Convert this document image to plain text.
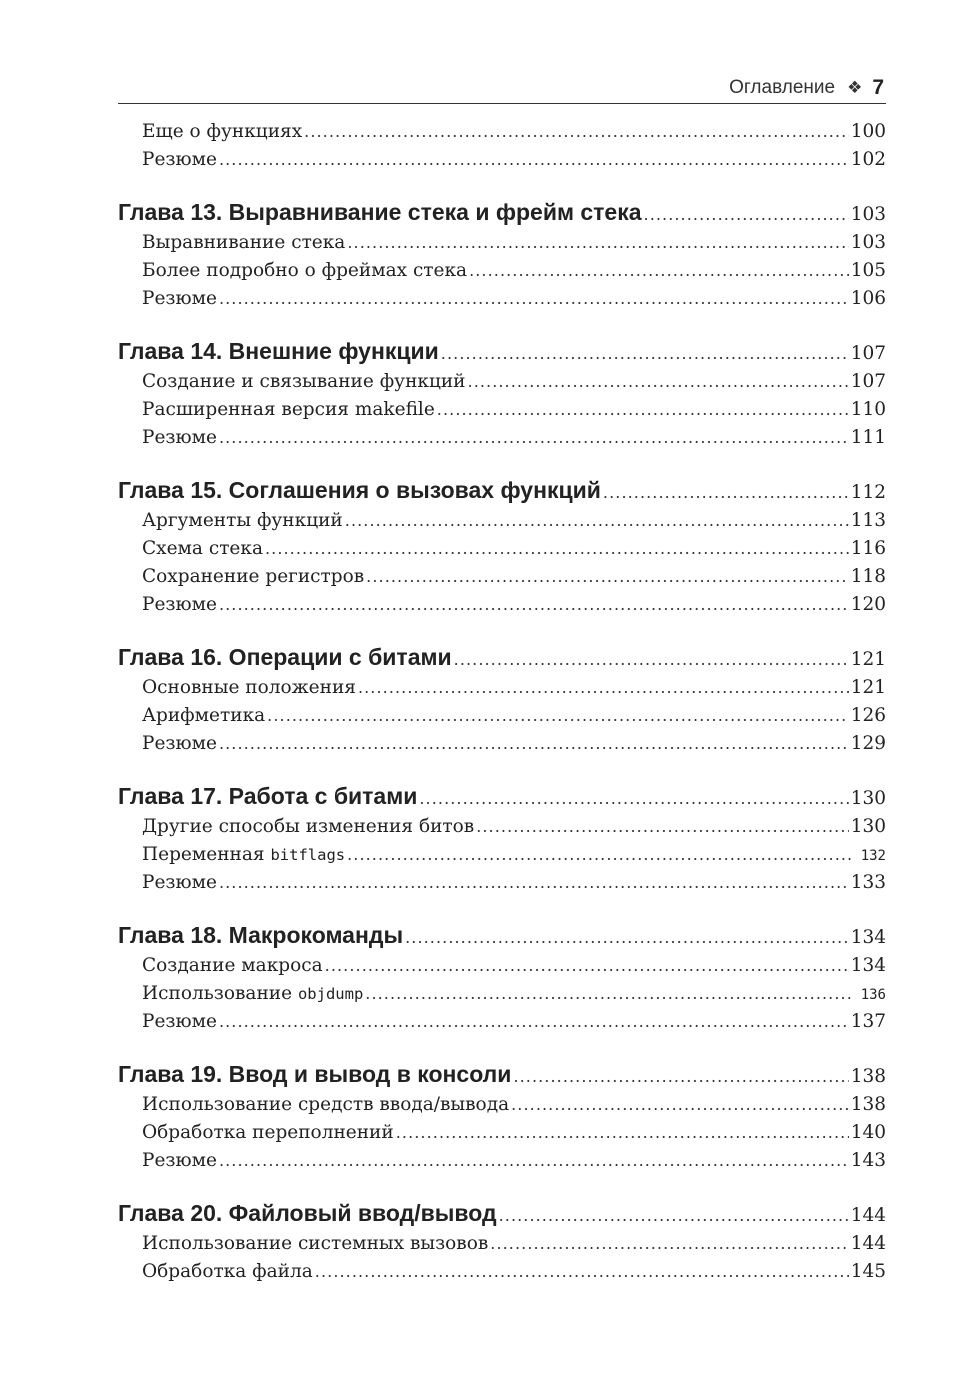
Оглавление ❖ 7
Еще о функциях . . .	100
Резюме . . .	102
Глава 13. Выравнивание стека и фрейм стека . . .	103
Выравнивание стека . . .	103
Более подробно о фреймах стека . . .	105
Резюме . . .	106
Глава 14. Внешние функции . . .	107
Создание и связывание функций . . .	107
Расширенная версия makefile . . .	110
Резюме . . .	111
Глава 15. Соглашения о вызовах функций . . .	112
Аргументы функций . . .	113
Схема стека . . .	116
Сохранение регистров . . .	118
Резюме . . .	120
Глава 16. Операции с битами . . .	121
Основные положения . . .	121
Арифметика . . .	126
Резюме . . .	129
Глава 17. Работа с битами . . .	130
Другие способы изменения битов . . .	130
Переменная bitflags . . .	132
Резюме . . .	133
Глава 18. Макрокоманды . . .	134
Создание макроса . . .	134
Использование objdump . . .	136
Резюме . . .	137
Глава 19. Ввод и вывод в консоли . . .	138
Использование средств ввода/вывода . . .	138
Обработка переполнений . . .	140
Резюме . . .	143
Глава 20. Файловый ввод/вывод . . .	144
Использование системных вызовов . . .	144
Обработка файла . . .	145
